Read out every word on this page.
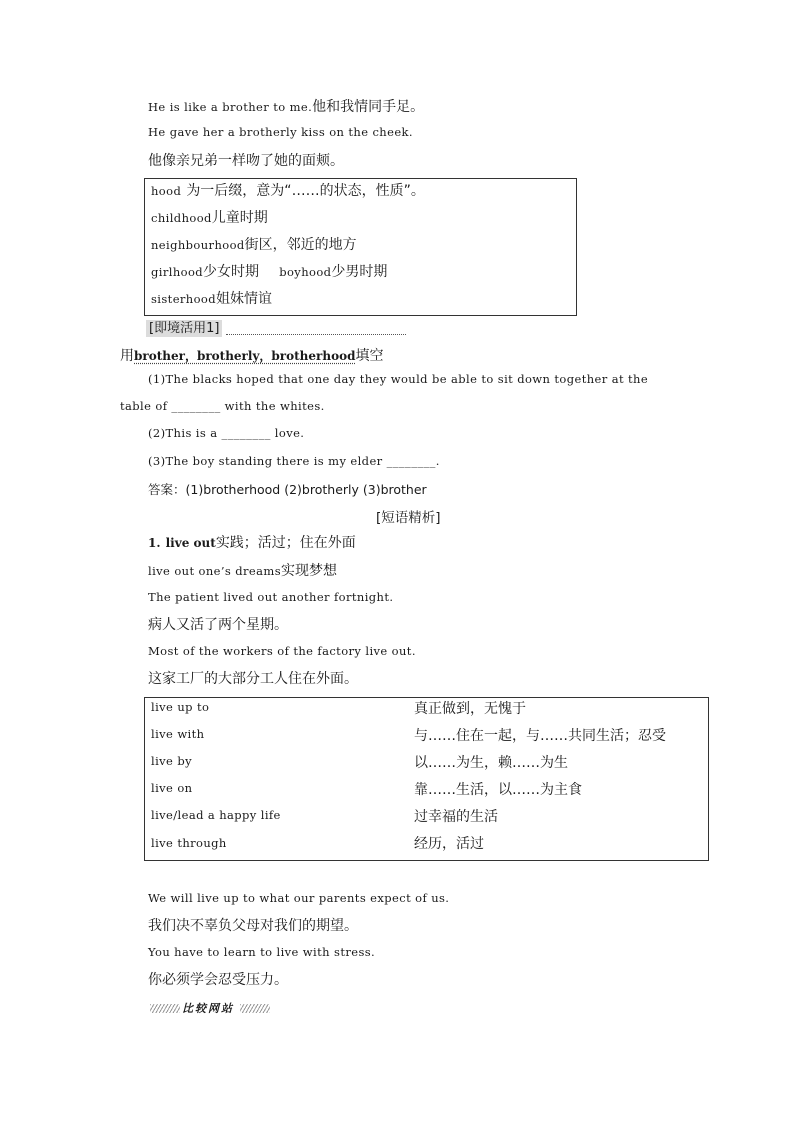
He is like a brother to me.他和我情同手足。
He gave her a brotherly kiss on the cheek.
他像亲兄弟一样吻了她的面颊。
hood 为一后缀，意为“……的状态，性质”。
childhood儿童时期
neighbourhood街区，邻近的地方
girlhood少女时期 boyhood少男时期
sisterhood姐妹情谊
[即境活用1]
用brother，brotherly，brotherhood填空
(1)The blacks hoped that one day they would be able to sit down together at the
table of ________ with the whites.
(2)This is a ________ love.
(3)The boy standing there is my elder ________.
答案：(1)brotherhood (2)brotherly (3)brother
[短语精析]
1. live out实践；活过；住在外面
live out one’s dreams实现梦想
The patient lived out another fortnight.
病人又活了两个星期。
Most of the workers of the factory live out.
这家工厂的大部分工人住在外面。
live up to	真正做到，无愧于
live with	与……住在一起，与……共同生活；忍受
live by	以……为生，赖……为生
live on	靠……生活，以……为主食
live/lead a happy life	过幸福的生活
live through	经历，活过
We will live up to what our parents expect of us.
我们决不辜负父母对我们的期望。
You have to learn to live with stress.
你必须学会忍受压力。
比较网站
